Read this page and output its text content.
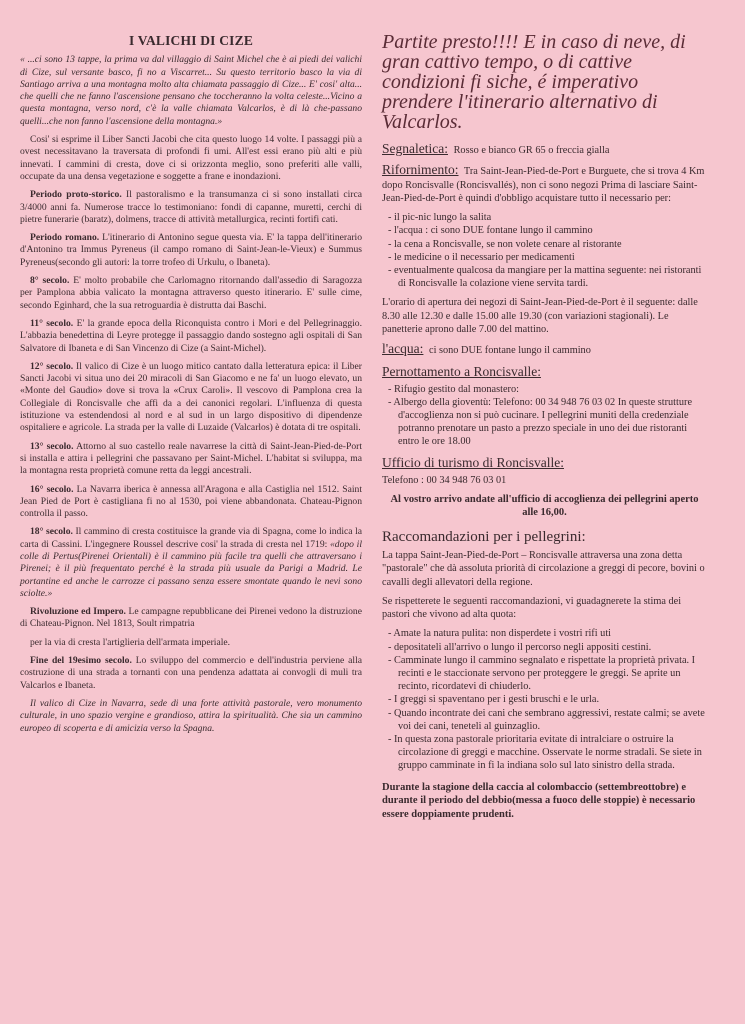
I VALICHI DI CIZE

« ...ci sono 13 tappe, la prima va dal villaggio di Saint Michel che è ai piedi dei valichi di Cize, sul versante basco, fi no a Viscarret... Su questo territorio basco la via di Santiago arriva a una montagna molto alta chiamata passaggio di Cize... E' cosi' alta... che quelli che ne fanno l'ascensione pensano che toccheranno la volta celeste...Vicino a questa montagna, verso nord, c'è la valle chiamata Valcarlos, è di là che-passano quelli...che non fanno l'ascensione della montagna.»

Cosi' si esprime il Liber Sancti Jacobi che cita questo luogo 14 volte. I passaggi più a ovest necessitavano la traversata di profondi fi umi. All'est essi erano più alti e più innevati. I cammini di cresta, dove ci si orizzonta meglio, sono preferiti alle valli, occupate da una densa vegetazione e soggette a frane e inondazioni.

Periodo proto-storico. Il pastoralismo e la transumanza ci si sono installati circa 3/4000 anni fa. Numerose tracce lo testimoniano: fondi di capanne, muretti, cerchi di pietre funerarie (baratz), dolmens, tracce di attività metallurgica, recinti fortifi cati.

Periodo romano. L'itinerario di Antonino segue questa via. E' la tappa dell'itinerario d'Antonino tra Immus Pyreneus (il campo romano di Saint-Jean-le-Vieux) e Summus Pyreneus(secondo gli autori: la torre trofeo di Urkulu, o Ibaneta).

8° secolo. E' molto probabile che Carlomagno ritornando dall'assedio di Saragozza per Pamplona abbia valicato la montagna attraverso questo itinerario. E' sulle cime, secondo Eginhard, che la sua retroguardia è distrutta dai Baschi.

11° secolo. E' la grande epoca della Riconquista contro i Mori e del Pellegrinaggio. L'abbazia benedettina di Leyre protegge il passaggio dando sostegno agli ospitali di San Salvatore di Ibaneta e di San Vincenzo di Cize (a Saint-Michel).

12° secolo. Il valico di Cize è un luogo mitico cantato dalla letteratura epica: il Liber Sancti Jacobi vi situa uno dei 20 miracoli di San Giacomo e ne fa' un luogo elevato, un «Monte del Gaudio» dove si trova la «Crux Caroli». Il vescovo di Pamplona crea la Collegiale di Roncisvalle che affi da a dei canonici regolari. L'influenza di questa istituzione va estendendosi al nord e al sud in un largo dispositivo di dipendenze ospitaliere e agricole. La strada per la valle di Luzaide (Valcarlos) è dotata di tre ospitali.

13° secolo. Attorno al suo castello reale navarrese la città di Saint-Jean-Pied-de-Port si installa e attira i pellegrini che passavano per Saint-Michel. L'habitat si sviluppa, ma la montagna resta proprietà comune retta da leggi ancestrali.

16° secolo. La Navarra iberica è annessa all'Aragona e alla Castiglia nel 1512. Saint Jean Pied de Port è castigliana fi no al 1530, poi viene abbandonata. Chateau-Pignon controlla il passo.

18° secolo. Il cammino di cresta costituisce la grande via di Spagna, come lo indica la carta di Cassini. L'ingegnere Roussel descrive cosi' la strada di cresta nel 1719: «dopo il colle di Pertus(Pirenei Orientali) è il cammino più facile tra quelli che attraversano i Pirenei; è il più frequentato perché è la strada più usuale da Parigi a Madrid. Le portantine ed anche le carrozze ci passano senza essere smontate quando le nevi sono sciolte.»

Rivoluzione ed Impero. Le campagne repubblicane dei Pirenei vedono la distruzione di Chateau-Pignon. Nel 1813, Soult rimpatria

per la via di cresta l'artiglieria dell'armata imperiale.

Fine del 19esimo secolo. Lo sviluppo del commercio e dell'industria perviene alla costruzione di una strada a tornanti con una pendenza adattata ai convogli di muli tra Valcarlos e Ibaneta.

Il valico di Cize in Navarra, sede di una forte attività pastorale, vero monumento culturale, in uno spazio vergine e grandioso, attira la spiritualità. Che sia un cammino europeo di scoperta e di amicizia verso la Spagna.

Partite presto!!!! E in caso di neve, di gran cattivo tempo, o di cattive condizioni fi siche, é imperativo prendere l'itinerario alternativo di Valcarlos.
Segnaletica: Rosso e bianco GR 65 o freccia gialla
Rifornimento: Tra Saint-Jean-Pied-de-Port e Burguete, che si trova 4 Km dopo Roncisvalle (Roncisvallés), non ci sono negozi Prima di lasciare Saint-Jean-Pied-de-Port è quindi d'obbligo acquistare tutto il necessario per:
- il pic-nic lungo la salita
- l'acqua : ci sono DUE fontane lungo il cammino
- la cena a Roncisvalle, se non volete cenare al ristorante
- le medicine o il necessario per medicamenti
- eventualmente qualcosa da mangiare per la mattina seguente: nei ristoranti di Roncisvalle la colazione viene servita tardi.
L'orario di apertura dei negozi di Saint-Jean-Pied-de-Port è il seguente: dalle 8.30 alle 12.30 e dalle 15.00 alle 19.30 (con variazioni stagionali). Le panetterie aprono dalle 7.00 del mattino.
l'acqua: ci sono DUE fontane lungo il cammino
Pernottamento a Roncisvalle:
- Rifugio gestito dal monastero:
- Albergo della gioventù: Telefono: 00 34 948 76 03 02 In queste strutture d'accoglienza non si può cucinare. I pellegrini muniti della credenziale potranno prenotare un pasto a prezzo speciale in uno dei due ristoranti entro le ore 18.00
Ufficio di turismo di Roncisvalle:
Telefono : 00 34 948 76 03 01
Al vostro arrivo andate all'ufficio di accoglienza dei pellegrini aperto alle 16,00.
Raccomandazioni per i pellegrini:
La tappa Saint-Jean-Pied-de-Port – Roncisvalle attraversa una zona detta "pastorale" che dà assoluta priorità di circolazione a greggi di pecore, bovini o cavalli degli allevatori della regione.
Se rispetterete le seguenti raccomandazioni, vi guadagnerete la stima dei pastori che vivono ad alta quota:
- Amate la natura pulita: non disperdete i vostri rifi uti
- depositateli all'arrivo o lungo il percorso negli appositi cestini.
- Camminate lungo il cammino segnalato e rispettate la proprietà privata. I recinti e le staccionate servono per proteggere le greggi. Se aprite un recinto, ricordatevi di chiuderlo.
- I greggi si spaventano per i gesti bruschi e le urla.
- Quando incontrate dei cani che sembrano aggressivi, restate calmi; se avete voi dei cani, teneteli al guinzaglio.
- In questa zona pastorale prioritaria evitate di intralciare o ostruire la circolazione di greggi e macchine. Osservate le norme stradali. Se siete in gruppo camminate in fi la indiana solo sul lato sinistro della strada.
Durante la stagione della caccia al colombaccio (settembreottobre) e durante il periodo del debbio(messa a fuoco delle stoppie) è necessario essere doppiamente prudenti.
